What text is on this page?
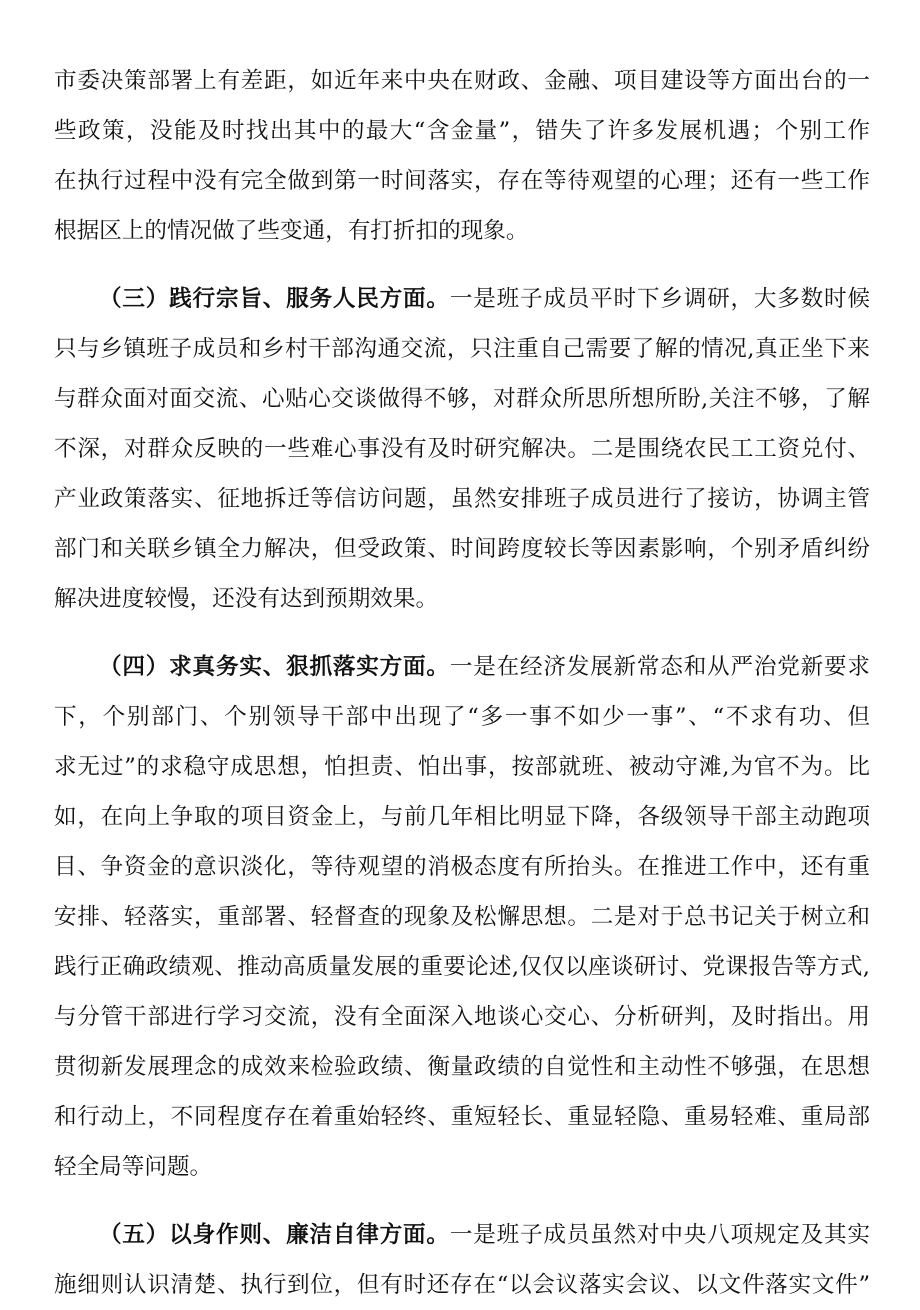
市委决策部署上有差距，如近年来中央在财政、金融、项目建设等方面出台的一
些政策，没能及时找出其中的最大“含金量”，错失了许多发展机遇；个别工作
在执行过程中没有完全做到第一时间落实，存在等待观望的心理；还有一些工作
根据区上的情况做了些变通，有打折扣的现象。
（三）践行宗旨、服务人民方面。一是班子成员平时下乡调研，大多数时候
只与乡镇班子成员和乡村干部沟通交流，只注重自己需要了解的情况,真正坐下来
与群众面对面交流、心贴心交谈做得不够，对群众所思所想所盼,关注不够，了解
不深，对群众反映的一些难心事没有及时研究解决。二是围绕农民工工资兑付、
产业政策落实、征地拆迁等信访问题，虽然安排班子成员进行了接访，协调主管
部门和关联乡镇全力解决，但受政策、时间跨度较长等因素影响，个别矛盾纠纷
解决进度较慢，还没有达到预期效果。
（四）求真务实、狠抓落实方面。一是在经济发展新常态和从严治党新要求
下，个别部门、个别领导干部中出现了“多一事不如少一事”、“不求有功、但
求无过”的求稳守成思想，怕担责、怕出事，按部就班、被动守滩,为官不为。比
如，在向上争取的项目资金上，与前几年相比明显下降，各级领导干部主动跑项
目、争资金的意识淡化，等待观望的消极态度有所抬头。在推进工作中，还有重
安排、轻落实，重部署、轻督查的现象及松懈思想。二是对于总书记关于树立和
践行正确政绩观、推动高质量发展的重要论述,仅仅以座谈研讨、党课报告等方式,
与分管干部进行学习交流，没有全面深入地谈心交心、分析研判，及时指出。用
贯彻新发展理念的成效来检验政绩、衡量政绩的自觉性和主动性不够强，在思想
和行动上，不同程度存在着重始轻终、重短轻长、重显轻隐、重易轻难、重局部
轻全局等问题。
（五）以身作则、廉洁自律方面。一是班子成员虽然对中央八项规定及其实
施细则认识清楚、执行到位，但有时还存在“以会议落实会议、以文件落实文件”
